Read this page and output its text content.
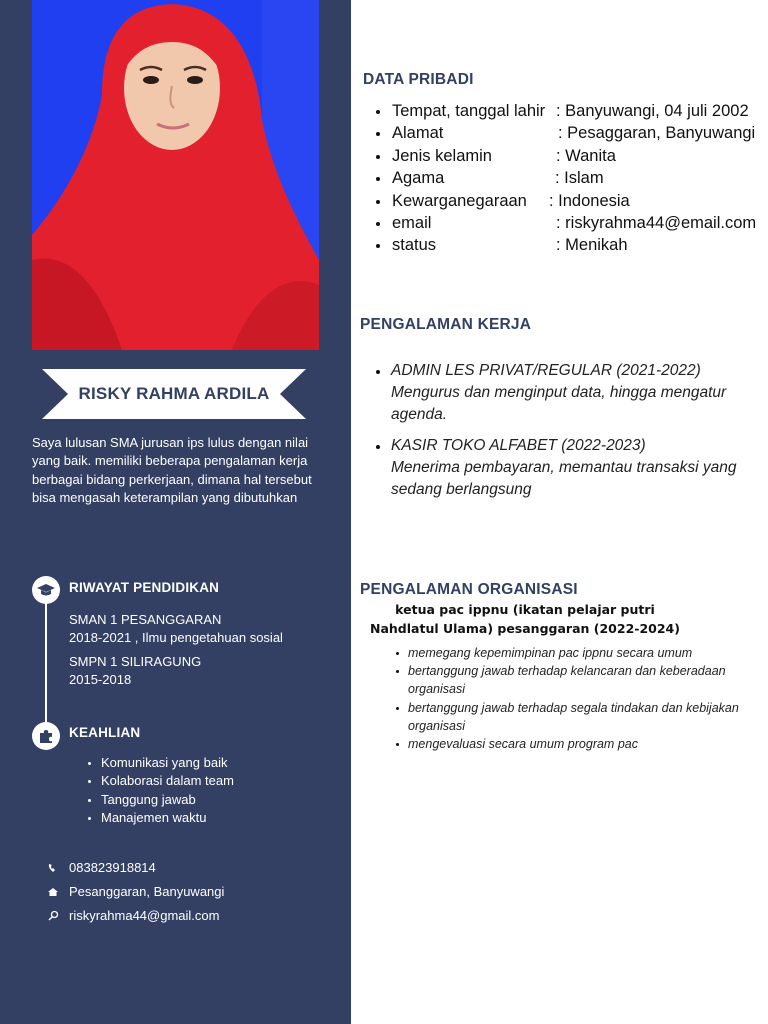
RISKY RAHMA ARDILA

Saya lulusan SMA jurusan ips lulus dengan nilai yang baik. memiliki beberapa pengalaman kerja berbagai bidang perkerjaan, dimana hal tersebut bisa mengasah keterampilan yang dibutuhkan

RIWAYAT PENDIDIKAN
SMAN 1 PESANGGARAN
2018-2021 , Ilmu pengetahuan sosial
SMPN 1 SILIRAGUNG
2015-2018
KEAHLIAN
Komunikasi yang baik
Kolaborasi dalam team
Tanggung jawab
Manajemen waktu
083823918814
Pesanggaran, Banyuwangi
riskyrahma44@gmail.com
DATA PRIBADI
Tempat, tanggal lahir : Banyuwangi, 04 juli 2002
Alamat	: Pesaggaran, Banyuwangi
Jenis kelamin	: Wanita
Agama	: Islam
Kewarganegaraan : Indonesia
email	: riskyrahma44@email.com
status	: Menikah
PENGALAMAN KERJA
ADMIN LES PRIVAT/REGULAR (2021-2022)
Mengurus dan menginput data, hingga mengatur agenda.
KASIR TOKO ALFABET (2022-2023)
Menerima pembayaran, memantau transaksi yang sedang berlangsung
PENGALAMAN ORGANISASI
ketua pac ippnu (ikatan pelajar putri Nahdlatul Ulama) pesanggaran (2022-2024)
memegang kepemimpinan pac ippnu secara umum
bertanggung jawab terhadap kelancaran dan keberadaan organisasi
bertanggung jawab terhadap segala tindakan dan kebijakan organisasi
mengevaluasi secara umum program pac
